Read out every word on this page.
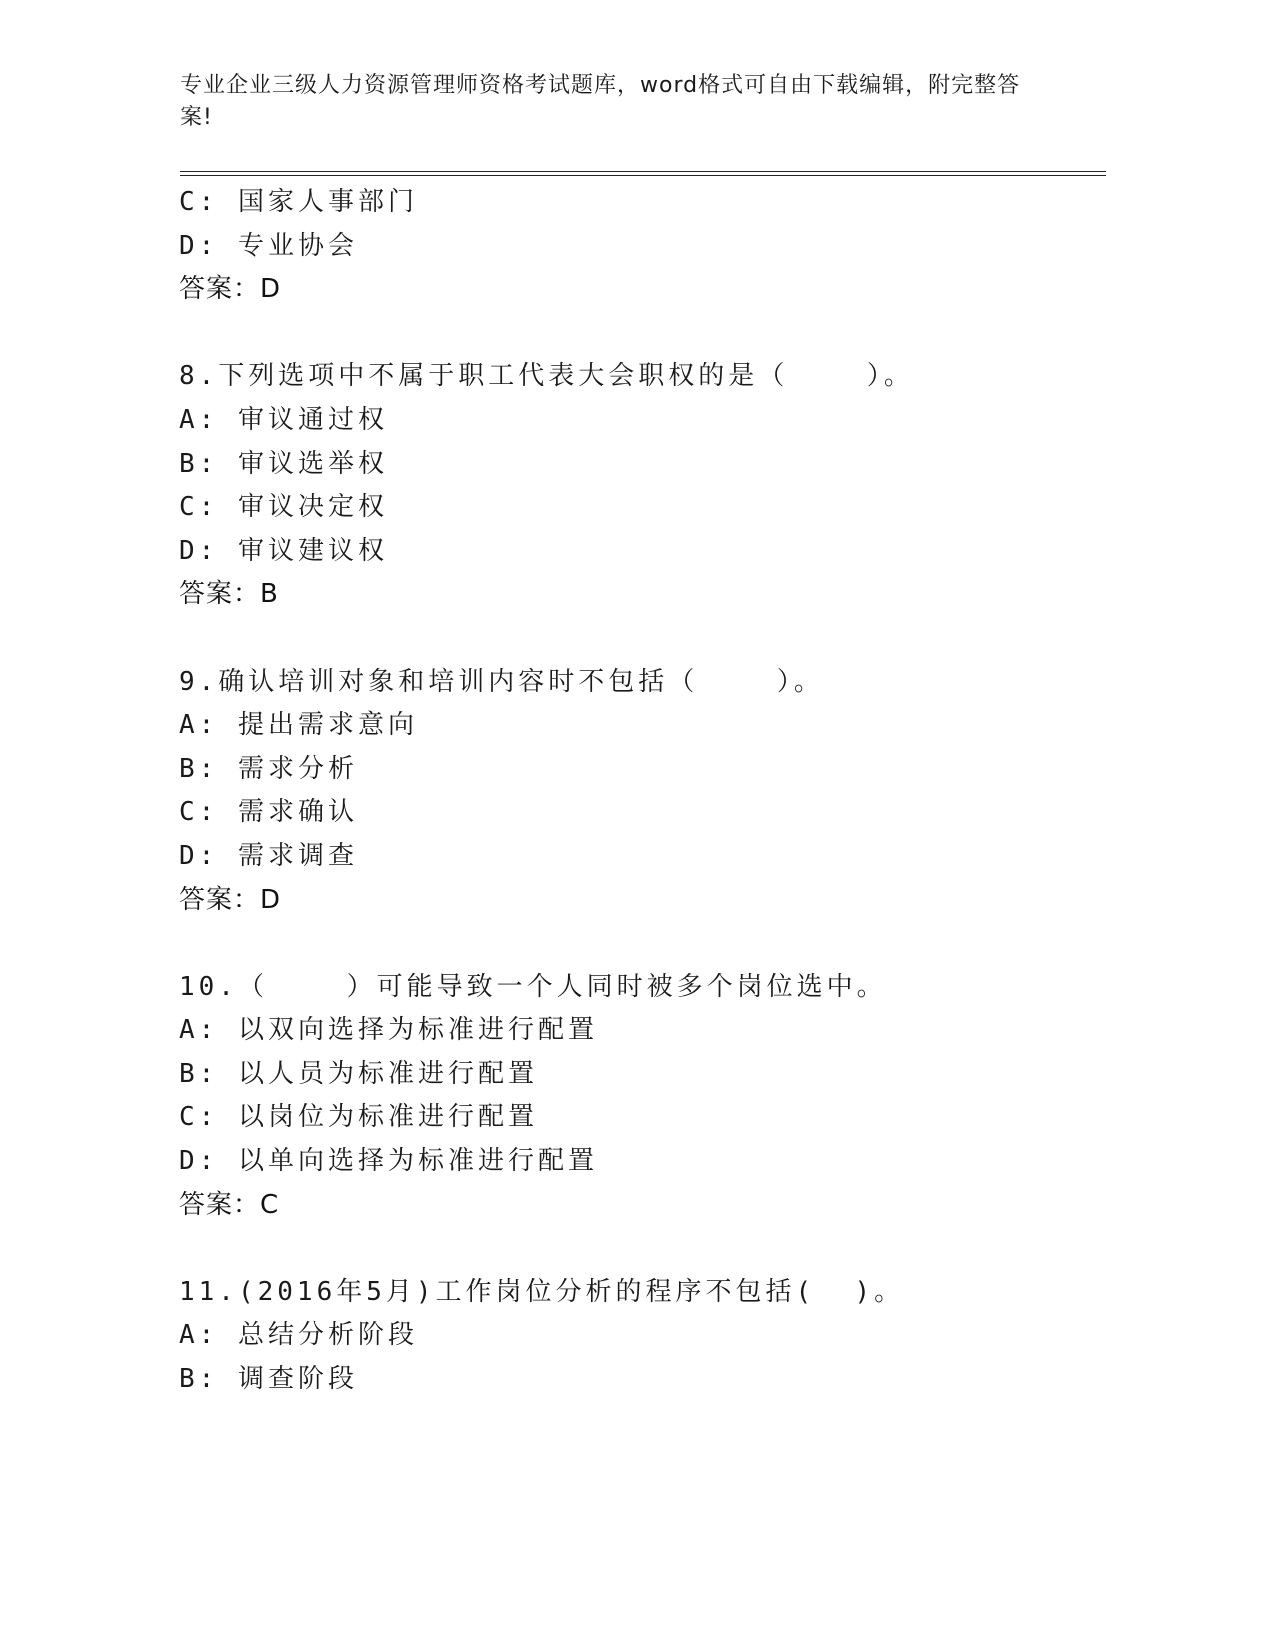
专业企业三级人力资源管理师资格考试题库，word格式可自由下载编辑，附完整答案!
C: 国家人事部门
D: 专业协会
答案：D
8.下列选项中不属于职工代表大会职权的是（    ）。
A: 审议通过权
B: 审议选举权
C: 审议决定权
D: 审议建议权
答案：B
9.确认培训对象和培训内容时不包括（    ）。
A: 提出需求意向
B: 需求分析
C: 需求确认
D: 需求调查
答案：D
10.（    ）可能导致一个人同时被多个岗位选中。
A: 以双向选择为标准进行配置
B: 以人员为标准进行配置
C: 以岗位为标准进行配置
D: 以单向选择为标准进行配置
答案：C
11.(2016年5月)工作岗位分析的程序不包括(  )。
A: 总结分析阶段
B: 调查阶段
